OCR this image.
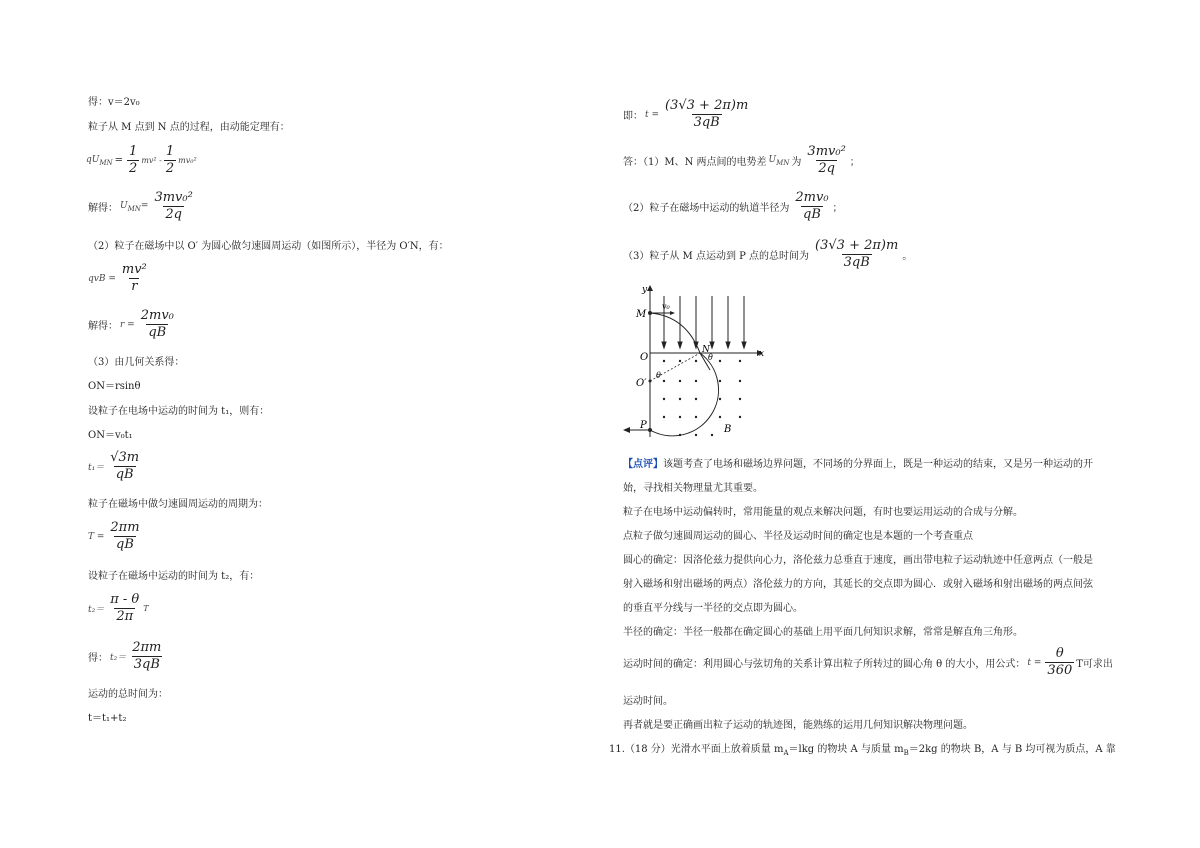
得：v＝2v₀
粒子从 M 点到 N 点的过程，由动能定理有：
$qU_{MN} = \frac{1}{2} mv^2 - \frac{1}{2} mv_0^2$
解得： $U_{MN}= \frac{\text{3mv₀²}}{2q}$
（2）粒子在磁场中以 O′ 为圆心做匀速圆周运动（如图所示），半径为 O′N，有：
qvB = $\frac{\text{mv²}}{r}$
解得： $r = \frac{\text{2mv₀}}{qB}$
（3）由几何关系得：
ON＝rsinθ
设粒子在电场中运动的时间为 t₁，则有：
ON＝v₀t₁
$t_1= \frac{√3m}{qB}$
粒子在磁场中做匀速圆周运动的周期为：
$T = \frac{2\pi m}{qB}$
设粒子在磁场中运动的时间为 t₂，有：
$t_2= \frac{\pi - \theta}{2\pi}$ T
得： $t_2= \frac{2\pi m}{3qB}$
运动的总时间为：
t＝t₁+t₂
即： $t = \frac{(3√3 + 2\pi)m}{3qB}$
答：（1）M、N 两点间的电势差 $U_{MN}$ 为 $\frac{\text{3mv₀²}}{2q}$ ；
（2）粒子在磁场中运动的轨道半径为 $\frac{\text{2mv₀}}{qB}$ ；
（3）粒子从 M 点运动到 P 点的总时间为 $\frac{(3√3 + 2\pi)m}{3qB}$ 。
y
x
M
v₀
O
O′
N
θ
θ
P	B
【点评】该题考查了电场和磁场边界问题，不同场的分界面上，既是一种运动的结束，又是另一种运动的开
始，寻找相关物理量尤其重要。
粒子在电场中运动偏转时，常用能量的观点来解决问题，有时也要运用运动的合成与分解。
点粒子做匀速圆周运动的圆心、半径及运动时间的确定也是本题的一个考查重点
圆心的确定：因洛伦兹力提供向心力，洛伦兹力总垂直于速度，画出带电粒子运动轨迹中任意两点（一般是
射入磁场和射出磁场的两点）洛伦兹力的方向，其延长的交点即为圆心．或射入磁场和射出磁场的两点间弦
的垂直平分线与一半径的交点即为圆心。
半径的确定：半径一般都在确定圆心的基础上用平面几何知识求解，常常是解直角三角形。
运动时间的确定：利用圆心与弦切角的关系计算出粒子所转过的圆心角 θ 的大小，用公式： $t = \frac{\theta}{360}$ T可求出
运动时间。
再者就是要正确画出粒子运动的轨迹图，能熟练的运用几何知识解决物理问题。
11.（18 分）光滑水平面上放着质量 $m_A=lkg$ 的物块 A 与质量 $m_B=2kg$ 的物块 B，A 与 B 均可视为质点，A 靠
